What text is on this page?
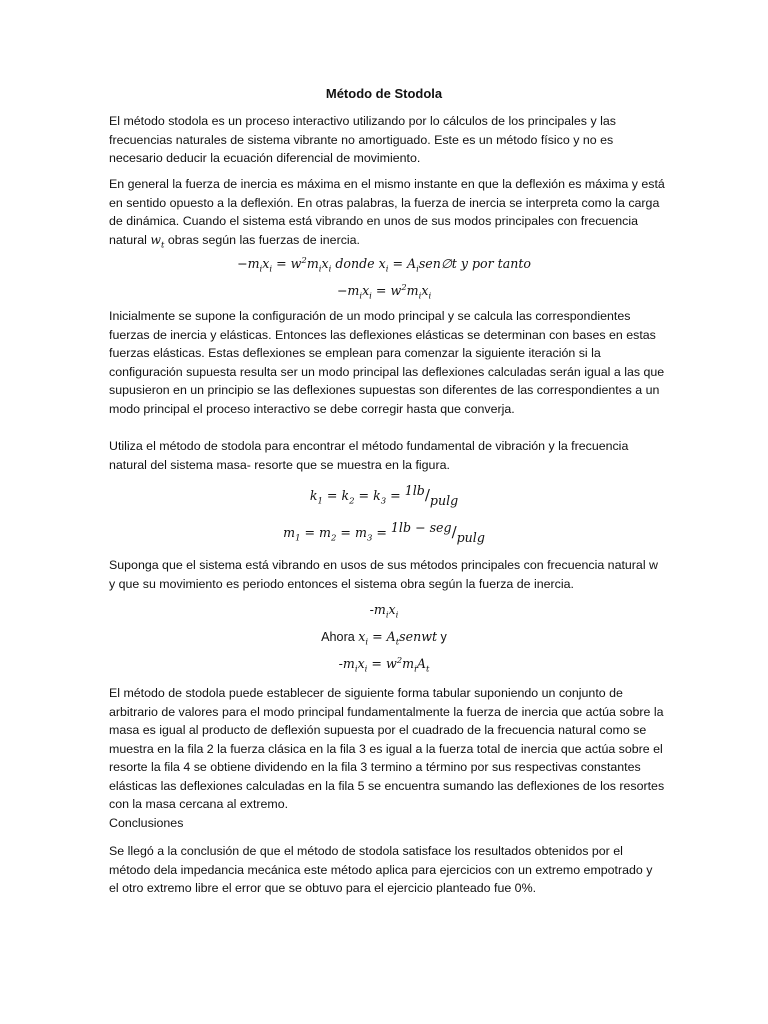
Método de Stodola

El método stodola es un proceso interactivo utilizando por lo cálculos de los principales y las frecuencias naturales de sistema vibrante no amortiguado. Este es un método físico y no es necesario deducir la ecuación diferencial de movimiento.

En general la fuerza de inercia es máxima en el mismo instante en que la deflexión es máxima y está en sentido opuesto a la deflexión. En otras palabras, la fuerza de inercia se interpreta como la carga de dinámica. Cuando el sistema está vibrando en unos de sus modos principales con frecuencia natural $w_t$ obras según las fuerzas de inercia.

$-m_ix_i = w^2m_ix_i$ donde $x_i$ = $A_isen\emptyset t$ y por tanto

$-m_ix_i = w^2m_ix_i$

Inicialmente se supone la configuración de un modo principal y se calcula las correspondientes fuerzas de inercia y elásticas. Entonces las deflexiones elásticas se determinan con bases en estas fuerzas elásticas. Estas deflexiones se emplean para comenzar la siguiente iteración si la configuración supuesta resulta ser un modo principal las deflexiones calculadas serán igual a las que supusieron en un principio se las deflexiones supuestas son diferentes de las correspondientes a un modo principal el proceso interactivo se debe corregir hasta que converja.

Utiliza el método de stodola para encontrar el método fundamental de vibración y la frecuencia natural del sistema masa- resorte que se muestra en la figura.

$k_1 = k_2 = k_3 = 1lb/pulg$

$m_1 = m_2 = m_3 = 1lb - seg/pulg$

Suponga que el sistema está vibrando en usos de sus métodos principales con frecuencia natural w y que su movimiento es periodo entonces el sistema obra según la fuerza de inercia.

$-m_ix_i$

Ahora $x_i$ = $A_tsenwt$ y

$-m_ix_i = w^2m_iA_t$

El método de stodola puede establecer de siguiente forma tabular suponiendo un conjunto de arbitrario de valores para el modo principal fundamentalmente la fuerza de inercia que actúa sobre la masa es igual al producto de deflexión supuesta por el cuadrado de la frecuencia natural como se muestra en la fila 2 la fuerza clásica en la fila 3 es igual a la fuerza total de inercia que actúa sobre el resorte la fila 4 se obtiene dividendo en la fila 3 termino a término por sus respectivas constantes elásticas las deflexiones calculadas en la fila 5 se encuentra sumando las deflexiones de los resortes con la masa cercana al extremo.

Conclusiones

Se llegó a la conclusión de que el método de stodola satisface los resultados obtenidos por el método dela impedancia mecánica este método aplica para ejercicios con un extremo empotrado y el otro extremo libre el error que se obtuvo para el ejercicio planteado fue 0%.
